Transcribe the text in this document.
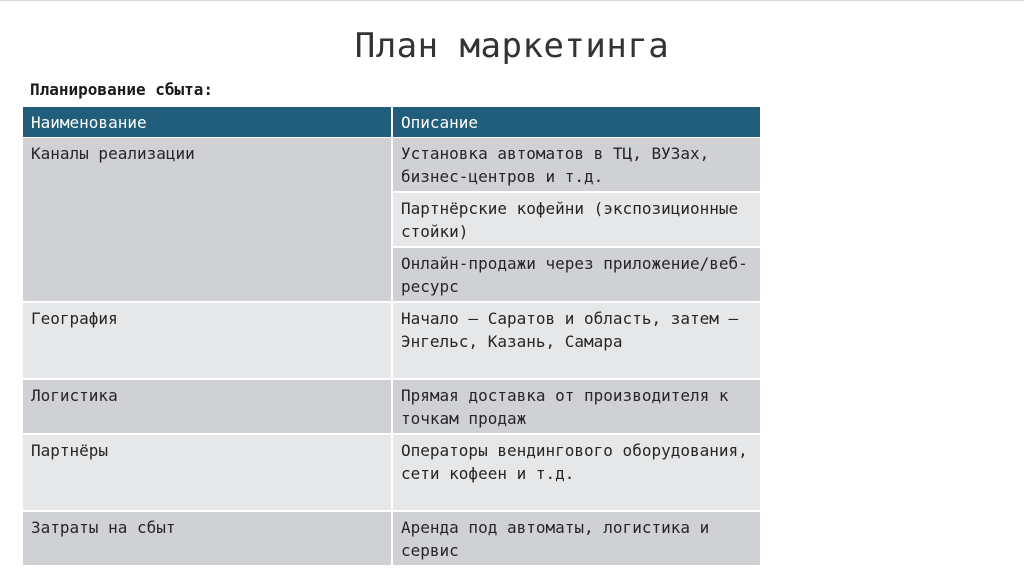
План маркетинга
Планирование сбыта:
Наименование	Описание
Каналы реализации	Установка автоматов в ТЦ, ВУЗах, бизнес-центров и т.д.
	Партнёрские кофейни (экспозиционные стойки)
	Онлайн-продажи через приложение/веб-ресурс
География	Начало – Саратов и область, затем – Энгельс, Казань, Самара
Логистика	Прямая доставка от производителя к точкам продаж
Партнёры	Операторы вендингового оборудования, сети кофеен и т.д.
Затраты на сбыт	Аренда под автоматы, логистика и сервис
